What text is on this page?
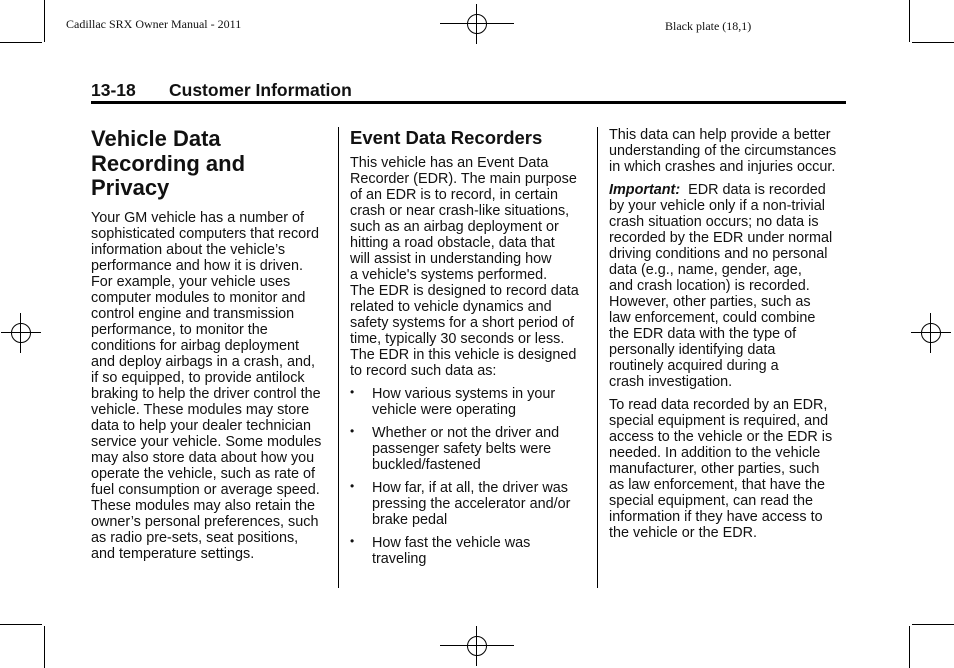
Cadillac SRX Owner Manual - 2011	Black plate (18,1)
13-18 Customer Information
Vehicle Data
Recording and
Privacy

Your GM vehicle has a number of
sophisticated computers that record
information about the vehicle’s
performance and how it is driven.
For example, your vehicle uses
computer modules to monitor and
control engine and transmission
performance, to monitor the
conditions for airbag deployment
and deploy airbags in a crash, and,
if so equipped, to provide antilock
braking to help the driver control the
vehicle. These modules may store
data to help your dealer technician
service your vehicle. Some modules
may also store data about how you
operate the vehicle, such as rate of
fuel consumption or average speed.
These modules may also retain the
owner’s personal preferences, such
as radio pre-sets, seat positions,
and temperature settings.

Event Data Recorders

This vehicle has an Event Data
Recorder (EDR). The main purpose
of an EDR is to record, in certain
crash or near crash-like situations,
such as an airbag deployment or
hitting a road obstacle, data that
will assist in understanding how
a vehicle's systems performed.
The EDR is designed to record data
related to vehicle dynamics and
safety systems for a short period of
time, typically 30 seconds or less.
The EDR in this vehicle is designed
to record such data as:

• How various systems in your
vehicle were operating
• Whether or not the driver and
passenger safety belts were
buckled/fastened
• How far, if at all, the driver was
pressing the accelerator and/or
brake pedal
• How fast the vehicle was
traveling

This data can help provide a better
understanding of the circumstances
in which crashes and injuries occur.

Important: EDR data is recorded
by your vehicle only if a non-trivial
crash situation occurs; no data is
recorded by the EDR under normal
driving conditions and no personal
data (e.g., name, gender, age,
and crash location) is recorded.
However, other parties, such as
law enforcement, could combine
the EDR data with the type of
personally identifying data
routinely acquired during a
crash investigation.

To read data recorded by an EDR,
special equipment is required, and
access to the vehicle or the EDR is
needed. In addition to the vehicle
manufacturer, other parties, such
as law enforcement, that have the
special equipment, can read the
information if they have access to
the vehicle or the EDR.
